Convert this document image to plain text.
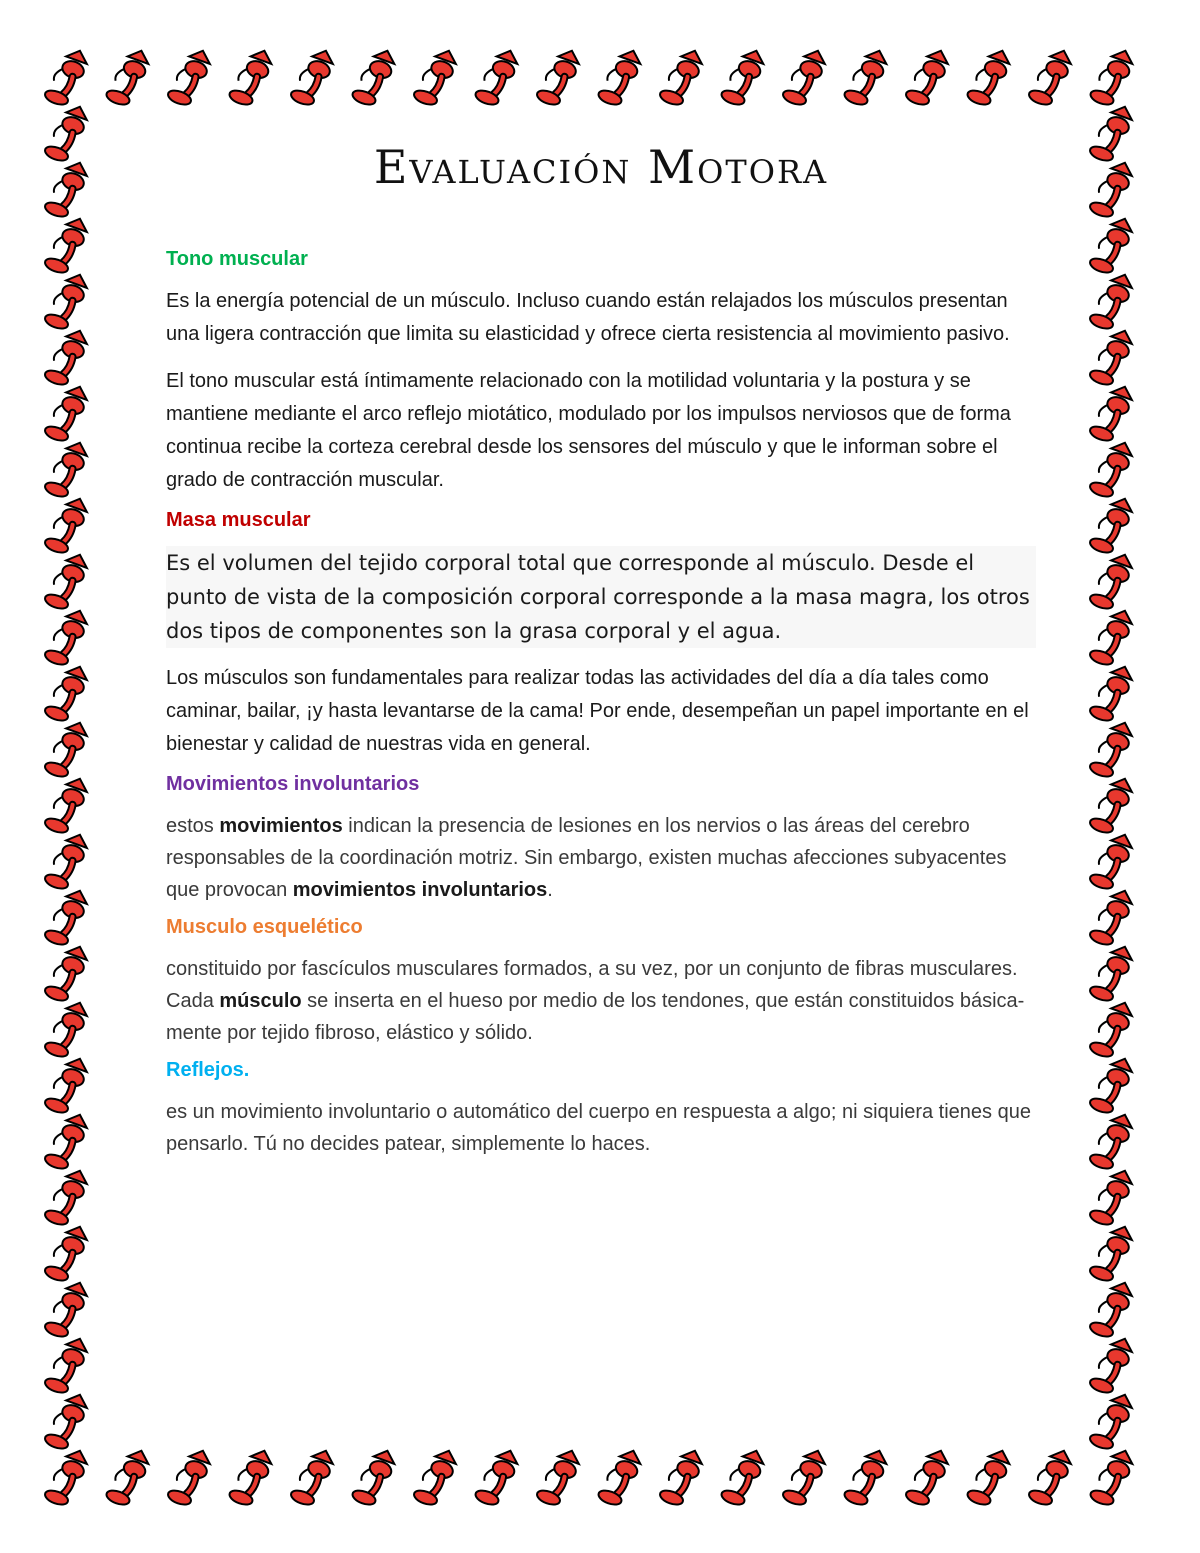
Evaluación Motora
Tono muscular

Es la energía potencial de un músculo. Incluso cuando están relajados los músculos presentan una ligera contracción que limita su elasticidad y ofrece cierta resistencia al movimiento pasivo.

El tono muscular está íntimamente relacionado con la motilidad voluntaria y la postura y se mantiene mediante el arco reflejo miotático, modulado por los impulsos nerviosos que de forma continua recibe la corteza cerebral desde los sensores del músculo y que le informan sobre el grado de contracción muscular.

Masa muscular

Es el volumen del tejido corporal total que corresponde al músculo. Desde el punto de vista de la composición corporal corresponde a la masa magra, los otros dos tipos de componentes son la grasa corporal y el agua.

Los músculos son fundamentales para realizar todas las actividades del día a día tales como caminar, bailar, ¡y hasta levantarse de la cama! Por ende, desempeñan un papel importante en el bienestar y calidad de nuestras vida en general.

Movimientos involuntarios

estos movimientos indican la presencia de lesiones en los nervios o las áreas del cerebro responsables de la coordinación motriz. Sin embargo, existen muchas afecciones subyacentes que provocan movimientos involuntarios.

Musculo esquelético

constituido por fascículos musculares formados, a su vez, por un conjunto de fibras musculares. Cada músculo se inserta en el hueso por medio de los tendones, que están constituidos básica- mente por tejido fibroso, elástico y sólido.

Reflejos.

es un movimiento involuntario o automático del cuerpo en respuesta a algo; ni siquiera tienes que pensarlo. Tú no decides patear, simplemente lo haces.
